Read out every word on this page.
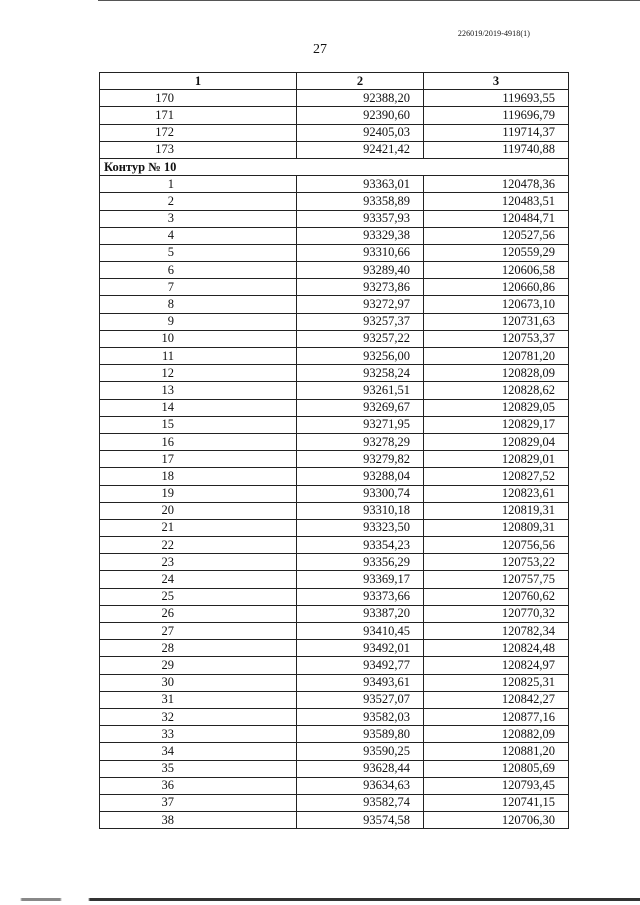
226019/2019-4918(1)
27
1	2	3
170	92388,20	119693,55
171	92390,60	119696,79
172	92405,03	119714,37
173	92421,42	119740,88
Контур № 10		
1	93363,01	120478,36
2	93358,89	120483,51
3	93357,93	120484,71
4	93329,38	120527,56
5	93310,66	120559,29
6	93289,40	120606,58
7	93273,86	120660,86
8	93272,97	120673,10
9	93257,37	120731,63
10	93257,22	120753,37
11	93256,00	120781,20
12	93258,24	120828,09
13	93261,51	120828,62
14	93269,67	120829,05
15	93271,95	120829,17
16	93278,29	120829,04
17	93279,82	120829,01
18	93288,04	120827,52
19	93300,74	120823,61
20	93310,18	120819,31
21	93323,50	120809,31
22	93354,23	120756,56
23	93356,29	120753,22
24	93369,17	120757,75
25	93373,66	120760,62
26	93387,20	120770,32
27	93410,45	120782,34
28	93492,01	120824,48
29	93492,77	120824,97
30	93493,61	120825,31
31	93527,07	120842,27
32	93582,03	120877,16
33	93589,80	120882,09
34	93590,25	120881,20
35	93628,44	120805,69
36	93634,63	120793,45
37	93582,74	120741,15
38	93574,58	120706,30
